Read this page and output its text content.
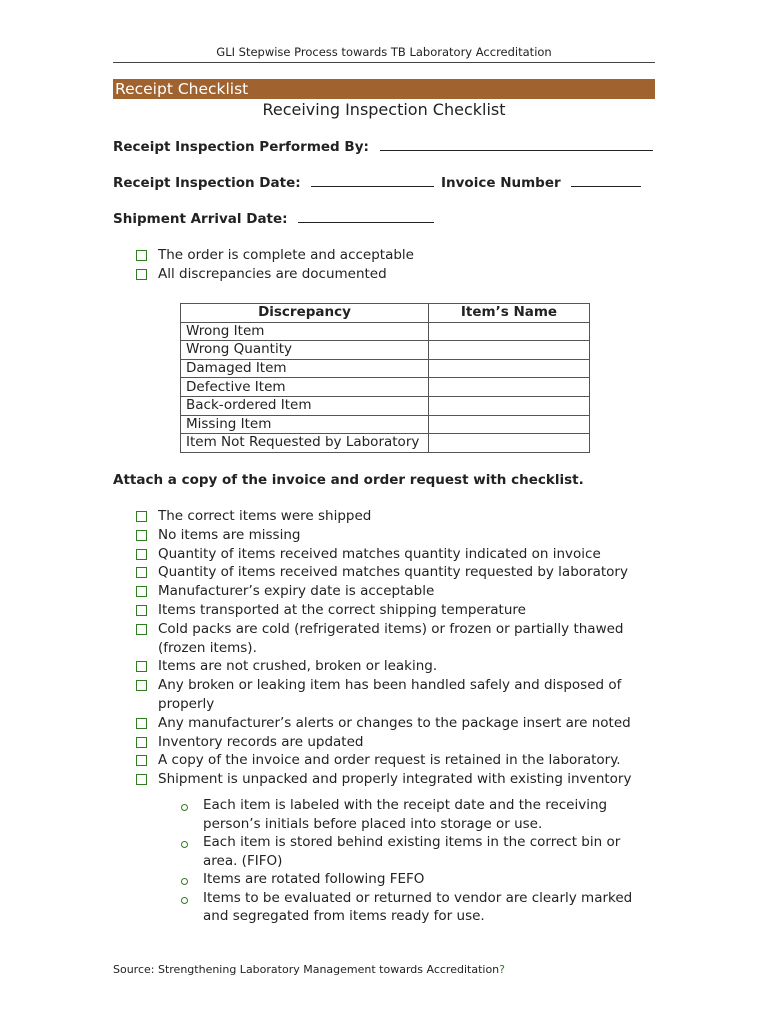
GLI Stepwise Process towards TB Laboratory Accreditation
Receipt Checklist
Receiving Inspection Checklist
Receipt Inspection Performed By:
Receipt Inspection Date:	Invoice Number
Shipment Arrival Date:
The order is complete and acceptable
All discrepancies are documented
Discrepancy	Item’s Name
Wrong Item	
Wrong Quantity	
Damaged Item	
Defective Item	
Back-ordered Item	
Missing Item	
Item Not Requested by Laboratory	
Attach a copy of the invoice and order request with checklist.
The correct items were shipped
No items are missing
Quantity of items received matches quantity indicated on invoice
Quantity of items received matches quantity requested by laboratory
Manufacturer’s expiry date is acceptable
Items transported at the correct shipping temperature
Cold packs are cold (refrigerated items) or frozen or partially thawed (frozen items).
Items are not crushed, broken or leaking.
Any broken or leaking item has been handled safely and disposed of properly
Any manufacturer’s alerts or changes to the package insert are noted
Inventory records are updated
A copy of the invoice and order request is retained in the laboratory.
Shipment is unpacked and properly integrated with existing inventory
Each item is labeled with the receipt date and the receiving person’s initials before placed into storage or use.
Each item is stored behind existing items in the correct bin or area. (FIFO)
Items are rotated following FEFO
Items to be evaluated or returned to vendor are clearly marked and segregated from items ready for use.
Source: Strengthening Laboratory Management towards Accreditation?
